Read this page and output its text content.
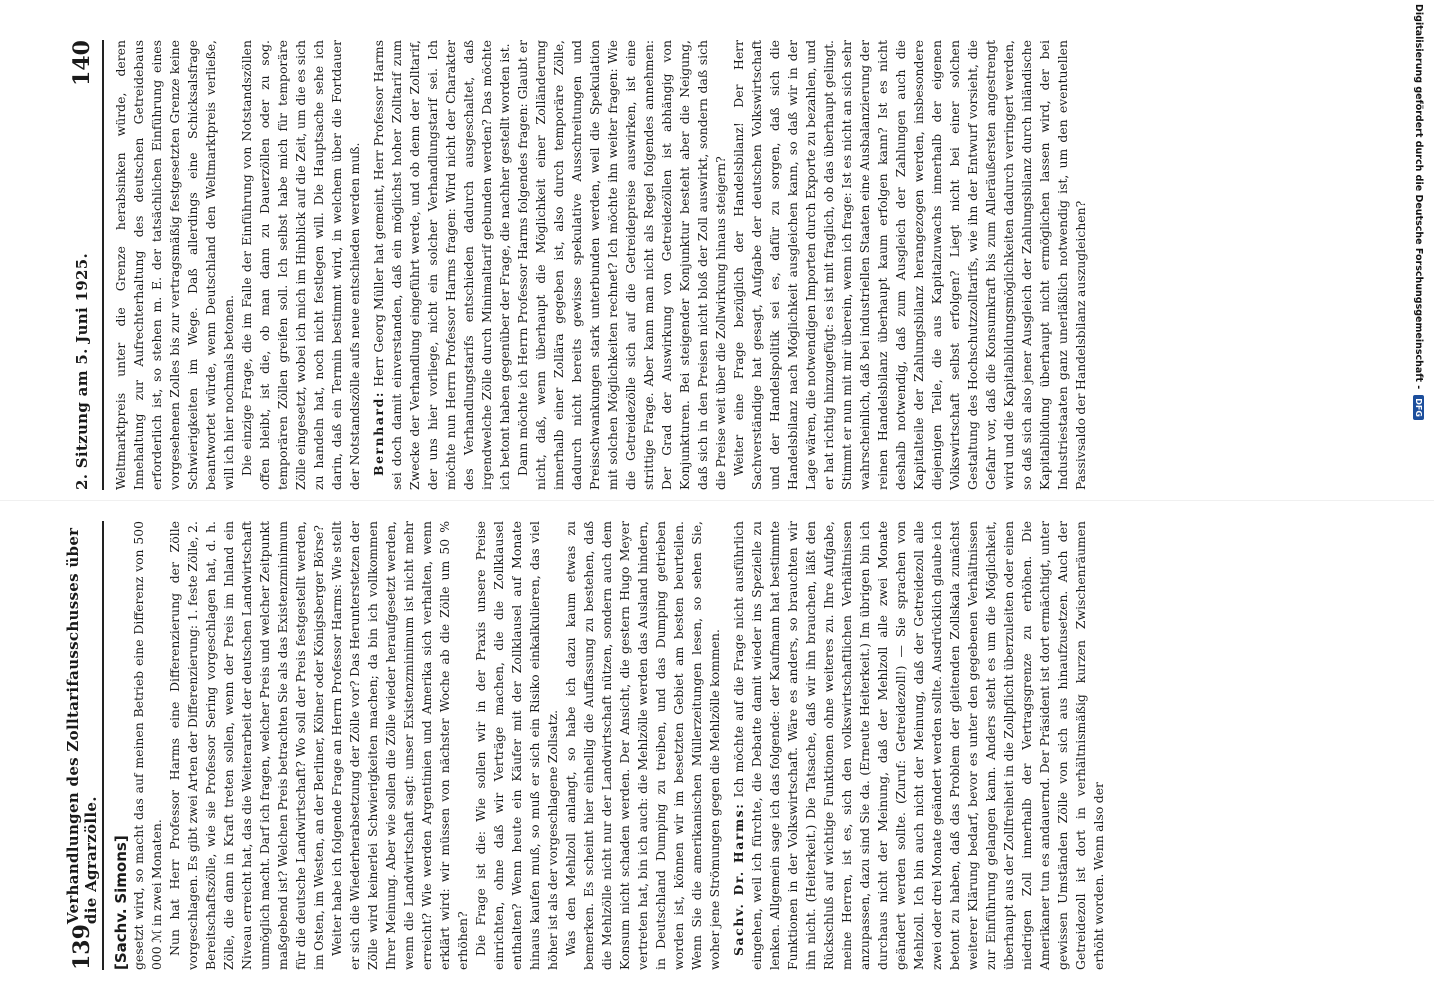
139
Verhandlungen des Zolltarifausschusses über die Agrarzölle. [Sachv. Simons] gesetzt wird, so macht das auf meinen Betrieb eine Differenz von 500 000 ℳ in zwei Monaten. Nun hat Herr Professor Harms eine Differenzierung der Zölle vorgeschlagen. Es gibt zwei Arten der Differenzierung: 1. feste Zölle, 2. Bereitschaftszölle, wie sie Professor Sering vorgeschlagen hat, d. h. Zölle, die dann in Kraft treten sollen, wenn der Preis im Inland ein Niveau erreicht hat, das die Weiterarbeit der deutschen Landwirtschaft unmöglich macht. Darf ich fragen, welcher Preis und welcher Zeitpunkt maßgebend ist? Welchen Preis betrachten Sie als das Existenzminimum für die deutsche Landwirtschaft? Wo soll der Preis festgestellt werden, im Osten, im Westen, an der Berliner, Kölner oder Königsberger Börse? Weiter habe ich folgende Frage an Herrn Professor Harms: Wie stellt er sich die Wiederherabsetzung der Zölle vor? Das Herunterstetzen der Zölle wird keinerlei Schwierigkeiten machen; da bin ich vollkommen Ihrer Meinung. Aber wie sollen die Zölle wieder heraufgesetzt werden, wenn die Landwirtschaft sagt: unser Existenzminimum ist nicht mehr erreicht? Wie werden Argentinien und Amerika sich verhalten, wenn erklärt wird: wir müssen von nächster Woche ab die Zölle um 50 % erhöhen? Die Frage ist die: Wie sollen wir in der Praxis unsere Preise einrichten, ohne daß wir Verträge machen, die die Zollklausel enthalten? Wenn heute ein Käufer mit der Zollklausel auf Monate hinaus kaufen muß, so muß er sich ein Risiko einkalkulieren, das viel höher ist als der vorgeschlagene Zollsatz. Was den Mehlzoll anlangt, so habe ich dazu kaum etwas zu bemerken. Es scheint hier einhellig die Auffassung zu bestehen, daß die Mehlzölle nicht nur der Landwirtschaft nützen, sondern auch dem Konsum nicht schaden werden. Der Ansicht, die gestern Hugo Meyer vertreten hat, bin ich auch: die Mehlzölle werden das Ausland hindern, in Deutschland Dumping zu treiben, und das Dumping getrieben worden ist, können wir im besetzten Gebiet am besten beurteilen. Wenn Sie die amerikanischen Müllerzeitungen lesen, so sehen Sie, woher jene Strömungen gegen die Mehlzölle kommen. Sachv. Dr. Harms: Ich möchte auf die Frage nicht ausführlich eingehen, weil ich fürchte, die Debatte damit wieder ins Spezielle zu lenken. Allgemein sage ich das folgende: der Kaufmann hat bestimmte Funktionen in der Volkswirtschaft. Wäre es anders, so brauchten wir ihn nicht. (Heiterkeit.) Die Tatsache, daß wir ihn brauchen, läßt den Rückschluß auf wichtige Funktionen ohne weiteres zu. Ihre Aufgabe, meine Herren, ist es, sich den volkswirtschaftlichen Verhältnissen anzupassen, dazu sind Sie da. (Erneute Heiterkeit.) Im übrigen bin ich durchaus nicht der Meinung, daß der Mehlzoll alle zwei Monate geändert werden sollte. (Zuruf: Getreidezoll!) — Sie sprachen von Mehlzoll. Ich bin auch nicht der Meinung, daß der Getreidezoll alle zwei oder drei Monate geändert werden sollte. Ausdrücklich glaube ich betont zu haben, daß das Problem der gleitenden Zollskala zunächst weiterer Klärung bedarf, bevor es unter den gegebenen Verhältnissen zur Einführung gelangen kann. Anders steht es um die Möglichkeit, überhaupt aus der Zollfreiheit in die Zollpflicht überzuleiten oder einen niedrigen Zoll innerhalb der Vertragsgrenze zu erhöhen. Die Amerikaner tun es andauernd. Der Präsident ist dort ermächtigt, unter gewissen Umständen Zölle von sich aus hinaufzusetzen. Auch der Getreidezoll ist dort in verhältnismäßig kurzen Zwischenräumen erhöht worden. Wenn also der

2. Sitzung am 5. Juni 1925.
140 Weltmarktpreis unter die Grenze herabsinken würde, deren Innehaltung zur Aufrechterhaltung des deutschen Getreidebaus erforderlich ist, so stehen m. E. der tatsächlichen Einführung eines vorgesehenen Zolles bis zur vertragsmäßig festgesetzten Grenze keine Schwierigkeiten im Wege. Daß allerdings eine Schicksalsfrage beantwortet würde, wenn Deutschland den Weltmarktpreis verließe, will ich hier nochmals betonen. Die einzige Frage, die im Falle der Einführung von Notstandszöllen offen bleibt, ist die, ob man dann zu Dauerzöllen oder zu sog. temporären Zöllen greifen soll. Ich selbst habe mich für temporäre Zölle eingesetzt, wobei ich mich im Hinblick auf die Zeit, um die es sich zu handeln hat, noch nicht festlegen will. Die Hauptsache sehe ich darin, daß ein Termin bestimmt wird, in welchem über die Fortdauer der Notstandszölle aufs neue entschieden werden muß. Bernhard: Herr Georg Müller hat gemeint, Herr Professor Harms sei doch damit einverstanden, daß ein möglichst hoher Zolltarif zum Zwecke der Verhandlung eingeführt werde, und ob denn der Zolltarif, der uns hier vorliege, nicht ein solcher Verhandlungstarif sei. Ich möchte nun Herrn Professor Harms fragen: Wird nicht der Charakter des Verhandlungstarifs entschieden dadurch ausgeschaltet, daß irgendwelche Zölle durch Minimaltarif gebunden werden? Das möchte ich betont haben gegenüber der Frage, die nachher gestellt worden ist. Dann möchte ich Herrn Professor Harms folgendes fragen: Glaubt er nicht, daß, wenn überhaupt die Möglichkeit einer Zolländerung innerhalb einer Zollära gegeben ist, also durch temporäre Zölle, dadurch nicht bereits gewisse spekulative Ausschreitungen und Preisschwankungen stark unterbunden werden, weil die Spekulation mit solchen Möglichkeiten rechnet? Ich möchte ihn weiter fragen: Wie die Getreidezölle sich auf die Getreidepreise auswirken, ist eine strittige Frage. Aber kann man nicht als Regel folgendes annehmen: Der Grad der Auswirkung von Getreidezöllen ist abhängig von Konjunkturen. Bei steigender Konjunktur besteht aber die Neigung, daß sich in den Preisen nicht bloß der Zoll auswirkt, sondern daß sich die Preise weit über die Zollwirkung hinaus steigern? Weiter eine Frage bezüglich der Handelsbilanz! Der Herr Sachverständige hat gesagt, Aufgabe der deutschen Volkswirtschaft und der Handelspolitik sei es, dafür zu sorgen, daß sich die Handelsbilanz nach Möglichkeit ausgleichen kann, so daß wir in der Lage wären, die notwendigen Importen durch Exporte zu bezahlen, und er hat richtig hinzugefügt: es ist mit fraglich, ob das überhaupt gelingt. Stimmt er nun mit mir überein, wenn ich frage: Ist es nicht an sich sehr wahrscheinlich, daß bei industriellen Staaten eine Ausbalanzierung der reinen Handelsbilanz überhaupt kaum erfolgen kann? Ist es nicht deshalb notwendig, daß zum Ausgleich der Zahlungen auch die Kapitalteile der Zahlungsbilanz herangezogen werden, insbesondere diejenigen Teile, die aus Kapitalzuwachs innerhalb der eigenen Volkswirtschaft selbst erfolgen? Liegt nicht bei einer solchen Gestaltung des Hochschutzzolltarifs, wie ihn der Entwurf vorsieht, die Gefahr vor, daß die Konsumkraft bis zum Alleräußersten angestrengt wird und die Kapitalbildungsmöglichkeiten dadurch verringert werden, so daß sich also jener Ausgleich der Zahlungsbilanz durch inländische Kapitalbildung überhaupt nicht ermöglichen lassen wird, der bei Industriestaaten ganz unerläßlich notwendig ist, um den eventuellen Passivsaldo der Handelsbilanz auszugleichen?	Digitalisierung gefördert durch die Deutsche Forschungsgemeinschaft -
DFG
